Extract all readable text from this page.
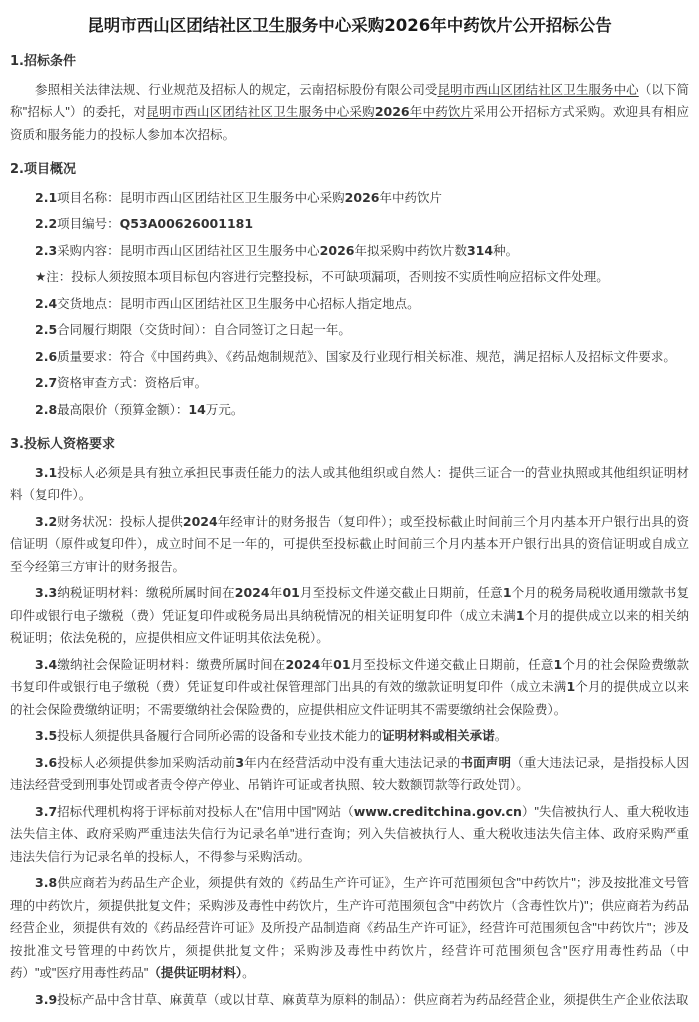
昆明市西山区团结社区卫生服务中心采购2026年中药饮片公开招标公告
1.招标条件

参照相关法律法规、行业规范及招标人的规定，云南招标股份有限公司受昆明市西山区团结社区卫生服务中心（以下简称"招标人"）的委托，对昆明市西山区团结社区卫生服务中心采购2026年中药饮片采用公开招标方式采购。欢迎具有相应资质和服务能力的投标人参加本次招标。

2.项目概况

2.1项目名称：昆明市西山区团结社区卫生服务中心采购2026年中药饮片

2.2项目编号：Q53A00626001181

2.3采购内容：昆明市西山区团结社区卫生服务中心2026年拟采购中药饮片数314种。

★注：投标人须按照本项目标包内容进行完整投标，不可缺项漏项，否则按不实质性响应招标文件处理。

2.4交货地点：昆明市西山区团结社区卫生服务中心招标人指定地点。

2.5合同履行期限（交货时间）：自合同签订之日起一年。

2.6质量要求：符合《中国药典》、《药品炮制规范》、国家及行业现行相关标准、规范，满足招标人及招标文件要求。

2.7资格审查方式：资格后审。

2.8最高限价（预算金额）：14万元。

3.投标人资格要求

3.1投标人必须是具有独立承担民事责任能力的法人或其他组织或自然人：提供三证合一的营业执照或其他组织证明材料（复印件）。

3.2财务状况：投标人提供2024年经审计的财务报告（复印件）；或至投标截止时间前三个月内基本开户银行出具的资信证明（原件或复印件），成立时间不足一年的，可提供至投标截止时间前三个月内基本开户银行出具的资信证明或自成立至今经第三方审计的财务报告。

3.3纳税证明材料：缴税所属时间在2024年01月至投标文件递交截止日期前，任意1个月的税务局税收通用缴款书复印件或银行电子缴税（费）凭证复印件或税务局出具纳税情况的相关证明复印件（成立未满1个月的提供成立以来的相关纳税证明；依法免税的，应提供相应文件证明其依法免税）。

3.4缴纳社会保险证明材料：缴费所属时间在2024年01月至投标文件递交截止日期前，任意1个月的社会保险费缴款书复印件或银行电子缴税（费）凭证复印件或社保管理部门出具的有效的缴款证明复印件（成立未满1个月的提供成立以来的社会保险费缴纳证明；不需要缴纳社会保险费的，应提供相应文件证明其不需要缴纳社会保险费）。

3.5投标人须提供具备履行合同所必需的设备和专业技术能力的证明材料或相关承诺。

3.6投标人必须提供参加采购活动前3年内在经营活动中没有重大违法记录的书面声明（重大违法记录，是指投标人因违法经营受到刑事处罚或者责令停产停业、吊销许可证或者执照、较大数额罚款等行政处罚）。

3.7招标代理机构将于评标前对投标人在"信用中国"网站（www.creditchina.gov.cn）"失信被执行人、重大税收违法失信主体、政府采购严重违法失信行为记录名单"进行查询；列入失信被执行人、重大税收违法失信主体、政府采购严重违法失信行为记录名单的投标人，不得参与采购活动。

3.8供应商若为药品生产企业，须提供有效的《药品生产许可证》，生产许可范围须包含"中药饮片"；涉及按批准文号管理的中药饮片，须提供批复文件；采购涉及毒性中药饮片，生产许可范围须包含"中药饮片（含毒性饮片)"；供应商若为药品经营企业，须提供有效的《药品经营许可证》及所投产品制造商《药品生产许可证》，经营许可范围须包含"中药饮片"；涉及按批准文号管理的中药饮片，须提供批复文件；采购涉及毒性中药饮片，经营许可范围须包含"医疗用毒性药品（中药）"或"医疗用毒性药品"（提供证明材料）。

3.9投标产品中含甘草、麻黄草（或以甘草、麻黄草为原料的制品）：供应商若为药品经营企业，须提供生产企业依法取
